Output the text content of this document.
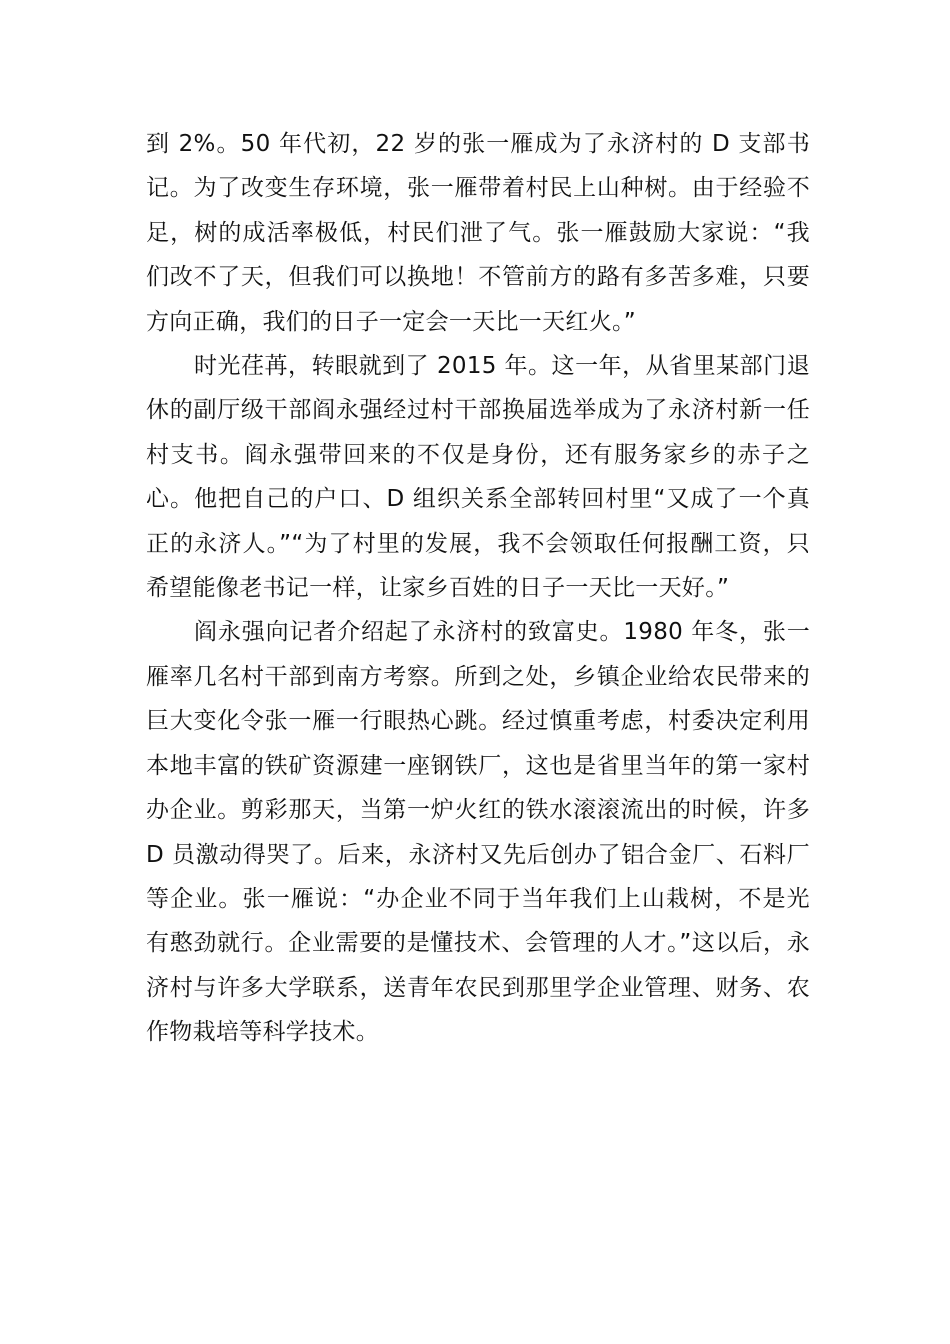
到 2%。50 年代初，22 岁的张一雁成为了永济村的 D 支部书记。为了改变生存环境，张一雁带着村民上山种树。由于经验不足，树的成活率极低，村民们泄了气。张一雁鼓励大家说：“我们改不了天，但我们可以换地！不管前方的路有多苦多难，只要方向正确，我们的日子一定会一天比一天红火。”

时光荏苒，转眼就到了 2015 年。这一年，从省里某部门退休的副厅级干部阎永强经过村干部换届选举成为了永济村新一任村支书。阎永强带回来的不仅是身份，还有服务家乡的赤子之心。他把自己的户口、D 组织关系全部转回村里“又成了一个真正的永济人。”“为了村里的发展，我不会领取任何报酬工资，只希望能像老书记一样，让家乡百姓的日子一天比一天好。”

阎永强向记者介绍起了永济村的致富史。1980 年冬，张一雁率几名村干部到南方考察。所到之处，乡镇企业给农民带来的巨大变化令张一雁一行眼热心跳。经过慎重考虑，村委决定利用本地丰富的铁矿资源建一座钢铁厂，这也是省里当年的第一家村办企业。剪彩那天，当第一炉火红的铁水滚滚流出的时候，许多 D 员激动得哭了。后来，永济村又先后创办了铝合金厂、石料厂等企业。张一雁说：“办企业不同于当年我们上山栽树，不是光有憨劲就行。企业需要的是懂技术、会管理的人才。”这以后，永济村与许多大学联系，送青年农民到那里学企业管理、财务、农作物栽培等科学技术。
